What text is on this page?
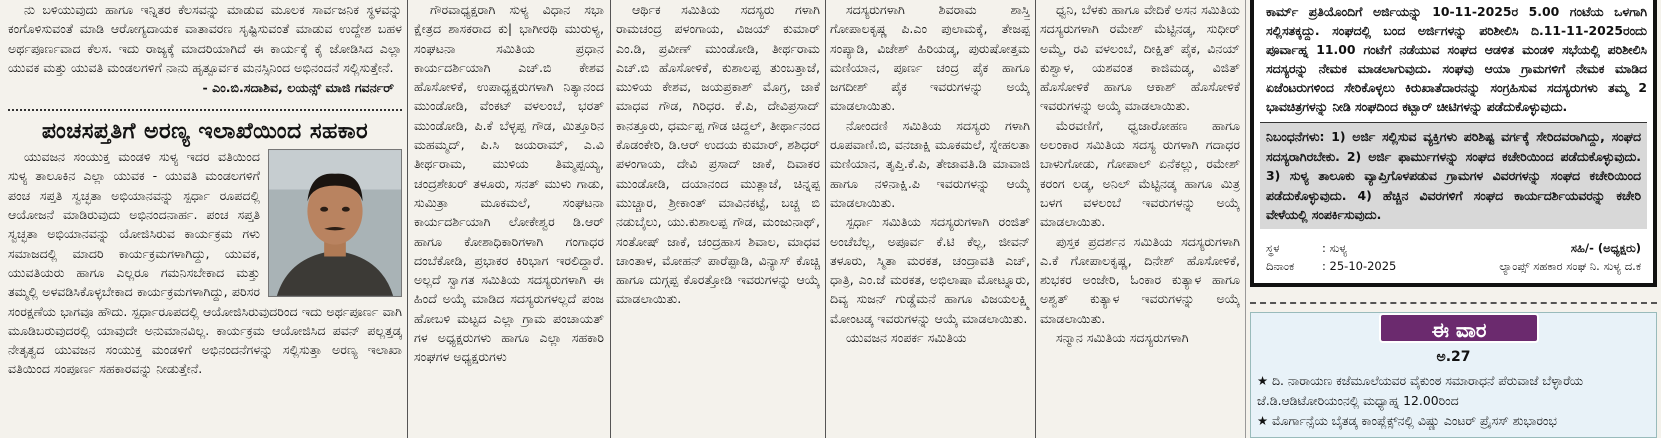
ನು ಬಳಿಯುವುದು ಹಾಗೂ ಇನ್ನಿತರ ಕೆಲಸವನ್ನು ಮಾಡುವ ಮೂಲಕ ಸಾರ್ವಜನಿಕ ಸ್ಥಳವನ್ನು ಕಂಗೊಳಿಸುವಂತೆ ಮಾಡಿ ಆರೋಗ್ಯದಾಯಕ ವಾತಾವರಣ ಸೃಷ್ಟಿಸುವಂತೆ ಮಾಡುವ ಉದ್ದೇಶ ಬಹಳ ಅರ್ಥಪೂರ್ಣವಾದ ಕೆಲಸ. ಇದು ರಾಜ್ಯಕ್ಕೆ ಮಾದರಿಯಾಗಿದೆ ಈ ಕಾರ್ಯಕ್ಕೆ ಕೈ ಜೋಡಿಸಿದ ಎಲ್ಲಾ ಯುವಕ ಮತ್ತು ಯುವತಿ ಮಂಡಲಗಳಿಗೆ ನಾನು ಹೃತ್ಪೂರ್ವಕ ಮನಸ್ಸಿನಿಂದ ಅಭಿನಂದನೆ ಸಲ್ಲಿಸುತ್ತೇನೆ.

- ಎಂ.ಬಿ.ಸದಾಶಿವ, ಲಯನ್ಸ್ ಮಾಜಿ ಗವರ್ನರ್
ಪಂಚಸಪ್ತತಿಗೆ ಅರಣ್ಯ ಇಲಾಖೆಯಿಂದ ಸಹಕಾರ

ಯುವಜನ ಸಂಯುಕ್ತ ಮಂಡಳಿ ಸುಳ್ಯ ಇದರ ವತಿಯಿಂದ ಸುಳ್ಯ ತಾಲೂಕಿನ ಎಲ್ಲಾ ಯುವಕ - ಯುವತಿ ಮಂಡಲಗಳಿಗೆ ಪಂಚ ಸಪ್ತತಿ ಸ್ವಚ್ಛತಾ ಅಭಿಯಾನವನ್ನು ಸ್ಪರ್ಧಾ ರೂಪದಲ್ಲಿ ಆಯೋಜನೆ ಮಾಡಿರುವುದು ಅಭಿನಂದನಾರ್ಹ. ಪಂಚ ಸಪ್ತತಿ ಸ್ವಚ್ಛತಾ ಅಭಿಯಾನವನ್ನು ಯೋಜಿಸಿರುವ ಕಾರ್ಯಕ್ರಮ ಗಳು ಸಮಾಜದಲ್ಲಿ ಮಾದರಿ ಕಾರ್ಯಕ್ರಮಗಳಾಗಿದ್ದು, ಯುವಕ, ಯುವತಿಯರು ಹಾಗೂ ಎಲ್ಲರೂ ಗಮನಿಸಬೇಕಾದ ಮತ್ತು ತಮ್ಮಲ್ಲಿ ಅಳವಡಿಸಿಕೊಳ್ಳಬೇಕಾದ ಕಾರ್ಯಕ್ರಮಗಳಾಗಿದ್ದು, ಪರಿಸರ ಸಂರಕ್ಷಣೆಯ ಭಾಗವೂ ಹೌದು. ಸ್ಪರ್ಧಾರೂಪದಲ್ಲಿ ಆಯೋಜಿಸಿರುವುದರಿಂದ ಇದು ಅರ್ಥಪೂರ್ಣ ವಾಗಿ ಮೂಡಿಬರುವುದರಲ್ಲಿ ಯಾವುದೇ ಅನುಮಾನವಿಲ್ಲ. ಕಾರ್ಯಕ್ರಮ ಆಯೋಜಿಸಿದ ಪವನ್ ಪಲ್ಲತ್ತಡ್ಕ ನೇತೃತ್ವದ ಯುವಜನ ಸಂಯುಕ್ತ ಮಂಡಳಿಗೆ ಅಭಿನಂದನೆಗಳನ್ನು ಸಲ್ಲಿಸುತ್ತಾ ಅರಣ್ಯ ಇಲಾಖಾ ವತಿಯಿಂದ ಸಂಪೂರ್ಣ ಸಹಕಾರವನ್ನು ನೀಡುತ್ತೇನೆ.

ಗೌರವಾಧ್ಯಕ್ಷರಾಗಿ ಸುಳ್ಯ ವಿಧಾನ ಸಭಾ ಕ್ಷೇತ್ರದ ಶಾಸಕರಾದ ಕು| ಭಾಗೀರಥಿ ಮುರುಳ್ಯ, ಸಂಘಟನಾ ಸಮಿತಿಯ ಪ್ರಧಾನ ಕಾರ್ಯದರ್ಶಿಯಾಗಿ ಎಚ್.ಬಿ ಕೇಶವ ಹೊಸೋಳಿಕೆ, ಉಪಾಧ್ಯಕ್ಷರುಗಳಾಗಿ ನಿತ್ಯಾನಂದ ಮುಂಡೋಡಿ, ವೆಂಕಟ್ ವಳಲಂಬೆ, ಭರತ್ ಮುಂಡೋಡಿ, ಪಿ.ಕೆ ಬೆಳ್ಳಪ್ಪ ಗೌಡ, ಮಿತ್ತೂರಿನ ಮಹಮ್ಮದ್, ಪಿ.ಸಿ ಜಯರಾಮ್, ಎ.ವಿ ತೀರ್ಥರಾಮ, ಮುಳಿಯ ತಿಮ್ಮಪ್ಪಯ್ಯ, ಚಂದ್ರಶೇಖರ್ ತಳೂರು, ಸನತ್ ಮುಳು ಗಾಡು, ಸುಮಿತ್ರಾ ಮೂಕಮಲೆ, ಸಂಘಟನಾ ಕಾರ್ಯದರ್ಶಿಯಾಗಿ ಲೋಕೇಶ್ವರ ಡಿ.ಆರ್ ಹಾಗೂ ಕೋಶಾಧಿಕಾರಿಗಳಾಗಿ ಗಂಗಾಧರ ದಂಬೆಕೋಡಿ, ಪ್ರಭಾಕರ ಕಿರಿಭಾಗ ಇರಲಿದ್ದಾರೆ. ಅಲ್ಲದೆ ಸ್ವಾಗತ ಸಮಿತಿಯ ಸದಸ್ಯರುಗಳಾಗಿ ಈ ಹಿಂದೆ ಅಯ್ಕೆ ಮಾಡಿದ ಸದಸ್ಯರುಗಳಲ್ಲದೆ ಪಂಜ ಹೋಬಳಿ ಮಟ್ಟದ ಎಲ್ಲಾ ಗ್ರಾಮ ಪಂಚಾಯತ್ ಗಳ ಅಧ್ಯಕ್ಷರುಗಳು ಹಾಗೂ ಎಲ್ಲಾ ಸಹಕಾರಿ ಸಂಘಗಳ ಅಧ್ಯಕ್ಷರುಗಳು

ಆರ್ಥಿಕ ಸಮಿತಿಯ ಸದಸ್ಯರು ಗಳಾಗಿ ರಾಮಚಂದ್ರ ಪಳಂಗಾಯ, ವಿಜಯ್ ಕುಮಾರ್ ಎಂ.ಡಿ, ಪ್ರವೀಣ್ ಮುಂಡೋಡಿ, ತೀರ್ಥರಾಮ ಎಚ್.ಬಿ ಹೊಸೋಳಿಕೆ, ಕುಶಾಲಪ್ಪ ತುಂಬತ್ತಾಜೆ, ಮುಳಿಯ ಕೇಶವ, ಜಯಪ್ರಕಾಶ್ ಮೊಗ್ರ, ಜಾಕೆ ಮಾಧವ ಗೌಡ, ಗಿರಿಧರ. ಕೆ.ಪಿ, ದೇವಿಪ್ರಸಾದ್ ಕಾನತ್ತೂರು, ಧರ್ಮಪ್ಪ ಗೌಡ ಚಿದ್ದಲ್, ತೀರ್ಥಾನಂದ ಕೊಡಂಕೇರಿ, ಡಿ.ಆರ್ ಉದಯ ಕುಮಾರ್, ಶಶಿಧರ್ ಪಳಂಗಾಯ, ದೇವಿ ಪ್ರಸಾದ್ ಜಾಕೆ, ದಿವಾಕರ ಮುಂಡೋಡಿ, ದಯಾನಂದ ಮುತ್ಲಾಜೆ, ಚಿನ್ನಪ್ಪ ಮುಚ್ಚಾರ, ಶ್ರೀಕಾಂತ್ ಮಾವಿನಕಟ್ಟೆ, ಬಚ್ಚ ಬಿ ನಡುಬೈಲು, ಯು.ಕುಶಾಲಪ್ಪ ಗೌಡ, ಮಂಜುನಾಥ್, ಸಂತೋಷ್ ಜಾಕೆ, ಚಂದ್ರಹಾಸ ಶಿವಾಲ, ಮಾಧವ ಚಾಂತಾಳ, ಮೋಹನ್ ಪಾರೆಪ್ಪಾಡಿ, ವಿನ್ಯಾಸ್ ಕೊಚ್ಚಿ ಹಾಗೂ ದುಗ್ಗಪ್ಪ ಕೊರತ್ತೋಡಿ ಇವರುಗಳನ್ನು ಆಯ್ಕೆ ಮಾಡಲಾಯಿತು.

ಸದಸ್ಯರುಗಳಾಗಿ ಶಿವರಾಮ ಶಾಸ್ತ್ರಿ ಗೋಪಾಲಕೃಷ್ಣ ಪಿ.ಎಂ ಪುಲಾಮಕ್ಕೆ, ತೇಜಪ್ಪ ಸಂಪ್ಯಾಡಿ, ವಿಜೇಶ್ ಹಿರಿಯಡ್ಕ, ಪುರುಷೋತ್ತಮ ಮಣಿಯಾನ, ಪೂರ್ಣ ಚಂದ್ರ ಪೈಕ ಹಾಗೂ ಜಗದೀಶ್ ಪೈಕ ಇವರುಗಳನ್ನು ಅಯ್ಕೆ ಮಾಡಲಾಯಿತು.

ನೋಂದಣಿ ಸಮಿತಿಯ ಸದಸ್ಯರು ಗಳಾಗಿ ರೂಪವಾಣಿ.ಬಿ, ವನಜಾಕ್ಷಿ ಮೂಕಮಲೆ, ಸ್ನೇಹಲತಾ ಮಣಿಯಾನ, ತೃಪ್ತಿ.ಕೆ.ಪಿ, ತೇಜಾವತಿ.ಡಿ ಮಾವಾಜಿ ಹಾಗೂ ನಳಿನಾಕ್ಷಿ.ಪಿ ಇವರುಗಳನ್ನು ಆಯ್ಕೆ ಮಾಡಲಾಯಿತು.

ಸ್ಪರ್ಧಾ ಸಮಿತಿಯ ಸದಸ್ಯರುಗಳಾಗಿ ರಂಜಿತ್ ಅಂಚೆಬೆಲ್ಲ, ಅಪೂರ್ವ ಕೆ.ಟಿ ಕೆಲ್ಲ, ಜೀವನ್ ತಳೂರು, ಸ್ಮಿತಾ ಮರಕತ, ಚಂದ್ರಾವತಿ ಎಚ್, ಧಾತ್ರಿ, ಎಂ.ಜೆ ಮರಕತ, ಅಭಿಲಾಷಾ ಮೋಟ್ನೂರು, ದಿವ್ಯ ಸುಜನ್ ಗುಡ್ಡೆಮನೆ ಹಾಗೂ ವಿಜಯಲಕ್ಷ್ಮಿ ಮೋಂಟಡ್ಕ ಇವರುಗಳನ್ನು ಆಯ್ಕೆ ಮಾಡಲಾಯಿತು.

ಯುವಜನ ಸಂಪರ್ಕ ಸಮಿತಿಯ

ಧ್ವನಿ, ಬೆಳಕು ಹಾಗೂ ವೇದಿಕೆ ಅಸನ ಸಮಿತಿಯ ಸದಸ್ಯರುಗಳಾಗಿ ರಮೇಶ್ ಮೆಟ್ಟಿನಡ್ಕ, ಸುಧೀರ್ ಅಮ್ಮೆ, ರವಿ ವಳಲಂಬೆ, ದೀಕ್ಷಿತ್ ಪೈಕ, ವಿನಯ್ ಕುಶ್ವಾಳ, ಯಶವಂತ ಕಾಜಿಮಡ್ಕ, ವಿಜಿತ್ ಹೊಸೋಳಿಕೆ ಹಾಗೂ ಆಕಾಶ್ ಹೊಸೋಳಿಕೆ ಇವರುಗಳನ್ನು ಅಯ್ಕೆ ಮಾಡಲಾಯಿತು.

ಮೆರವಣಿಗೆ, ಧ್ವಜಾರೋಹಣ ಹಾಗೂ ಅಲಂಕಾರ ಸಮಿತಿಯ ಸದಸ್ಯ ರುಗಳಾಗಿ ಗದಾಧರ ಬಾಳುಗೋಡು, ಗೋಪಾಲ್ ಏನೆಕಲ್ಲು, ರಮೇಶ್ ಕರಂಗ ಲಡ್ಕ, ಅನಿಲ್ ಮೆಟ್ಟಿನಡ್ಕ ಹಾಗೂ ಮಿತ್ರ ಬಳಗ ವಳಲಂಬೆ ಇವರುಗಳನ್ನು ಅಯ್ಕೆ ಮಾಡಲಾಯಿತು.

ಪುಸ್ತಕ ಪ್ರದರ್ಶನ ಸಮಿತಿಯ ಸದಸ್ಯರುಗಳಾಗಿ ಎ.ಕೆ ಗೋಪಾಲಕೃಷ್ಣ, ದಿನೇಶ್ ಹೊಸೋಳಿಕೆ, ಶುಭಕರ ಅಂಜೇರಿ, ಓಂಕಾರ ಕುತ್ಯಾಳ ಹಾಗೂ ಅಶ್ವತ್ ಕುತ್ಯಾಳ ಇವರುಗಳನ್ನು ಅಯ್ಕೆ ಮಾಡಲಾಯಿತು.

ಸನ್ಮಾನ ಸಮಿತಿಯ ಸದಸ್ಯರುಗಳಾಗಿ

ಕಾರ್ಮ್ ಪ್ರತಿಯೊಂದಿಗೆ ಅರ್ಜಿಯನ್ನು 10-11-2025ರ 5.00 ಗಂಟೆಯ ಒಳಗಾಗಿ ಸಲ್ಲಿಸತಕ್ಕದ್ದು. ಸಂಘದಲ್ಲಿ ಬಂದ ಅರ್ಜಿಗಳನ್ನು ಪರಿಶೀಲಿಸಿ ದಿ.11-11-2025ರಂದು ಪೂರ್ವಾಹ್ನ 11.00 ಗಂಟೆಗೆ ನಡೆಯುವ ಸಂಘದ ಆಡಳಿತ ಮಂಡಳಿ ಸಭೆಯಲ್ಲಿ ಪರಿಶೀಲಿಸಿ ಸದಸ್ಯರನ್ನು ನೇಮಕ ಮಾಡಲಾಗುವುದು. ಸಂಘವು ಆಯಾ ಗ್ರಾಮಗಳಿಗೆ ನೇಮಕ ಮಾಡಿದ ಏಜೆಂಟರುಗಳಿಂದ ಸೇರಿಕೊಳ್ಳಲು ಕಿರುಖಾತೆದಾರನನ್ನು ಸಂಗ್ರಹಿಸುವ ಸದಸ್ಯರುಗಳು ತಮ್ಮ 2 ಭಾವಚಿತ್ರಗಳನ್ನು ನೀಡಿ ಸಂಘದಿಂದ ಕಟ್ಬಾರ್ ಚೀಟಿಗಳನ್ನು ಪಡೆದುಕೊಳ್ಳುವುದು.
ನಿಬಂಧನೆಗಳು: 1) ಅರ್ಜಿ ಸಲ್ಲಿಸುವ ವ್ಯಕ್ತಿಗಳು ಪರಿಶಿಷ್ಟ ವರ್ಗಕ್ಕೆ ಸೇರಿದವರಾಗಿದ್ದು, ಸಂಘದ ಸದಸ್ಯರಾಗಿರಬೇಕು. 2) ಅರ್ಜಿ ಫಾರ್ಮುಗಳನ್ನು ಸಂಘದ ಕಚೇರಿಯಿಂದ ಪಡೆದುಕೊಳ್ಳುವುದು. 3) ಸುಳ್ಯ ತಾಲೂಕು ವ್ಯಾಪ್ತಿಗೊಳಪಡುವ ಗ್ರಾಮಗಳ ವಿವರಗಳನ್ನು ಸಂಘದ ಕಚೇರಿಯಿಂದ ಪಡೆದುಕೊಳ್ಳುವುದು. 4) ಹೆಚ್ಚಿನ ವಿವರಗಳಿಗೆ ಸಂಘದ ಕಾರ್ಯದರ್ಶಿಯವರನ್ನು ಕಚೇರಿ ವೇಳೆಯಲ್ಲಿ ಸಂಪರ್ಕಿಸುವುದು.
ಸ್ಥಳ	: ಸುಳ್ಯ	ಸಹಿ/- (ಅಧ್ಯಕ್ಷರು)
ದಿನಾಂಕ	: 25-10-2025	ಲ್ಯಾಂಪ್ಸ್ ಸಹಕಾರ ಸಂಘ ನಿ. ಸುಳ್ಯ ದ.ಕ
ಈ ವಾರ
ಅ.27
★ ದಿ. ನಾರಾಯಣ ಕಜೆಮೂಲೆಯವರ ವೈಕುಂಠ ಸಮಾರಾಧನೆ ಪೆರುವಾಜೆ ಬೆಳ್ಳಾರೆಯ ಜೆ.ಡಿ.ಆಡಿಟೋರಿಯಂನಲ್ಲಿ ಮಧ್ಯಾಹ್ನ 12.00ರಿಂದ
★ ಮೊರ್ಗಾನ್ಸೆಯ ಬೈತಡ್ಕ ಕಾಂಪ್ಲೆಕ್ಸ್‌ನಲ್ಲಿ ವಿಷ್ಣು ಎಂಟರ್ ಪ್ರೈಸಸ್ ಶುಭಾರಂಭ
